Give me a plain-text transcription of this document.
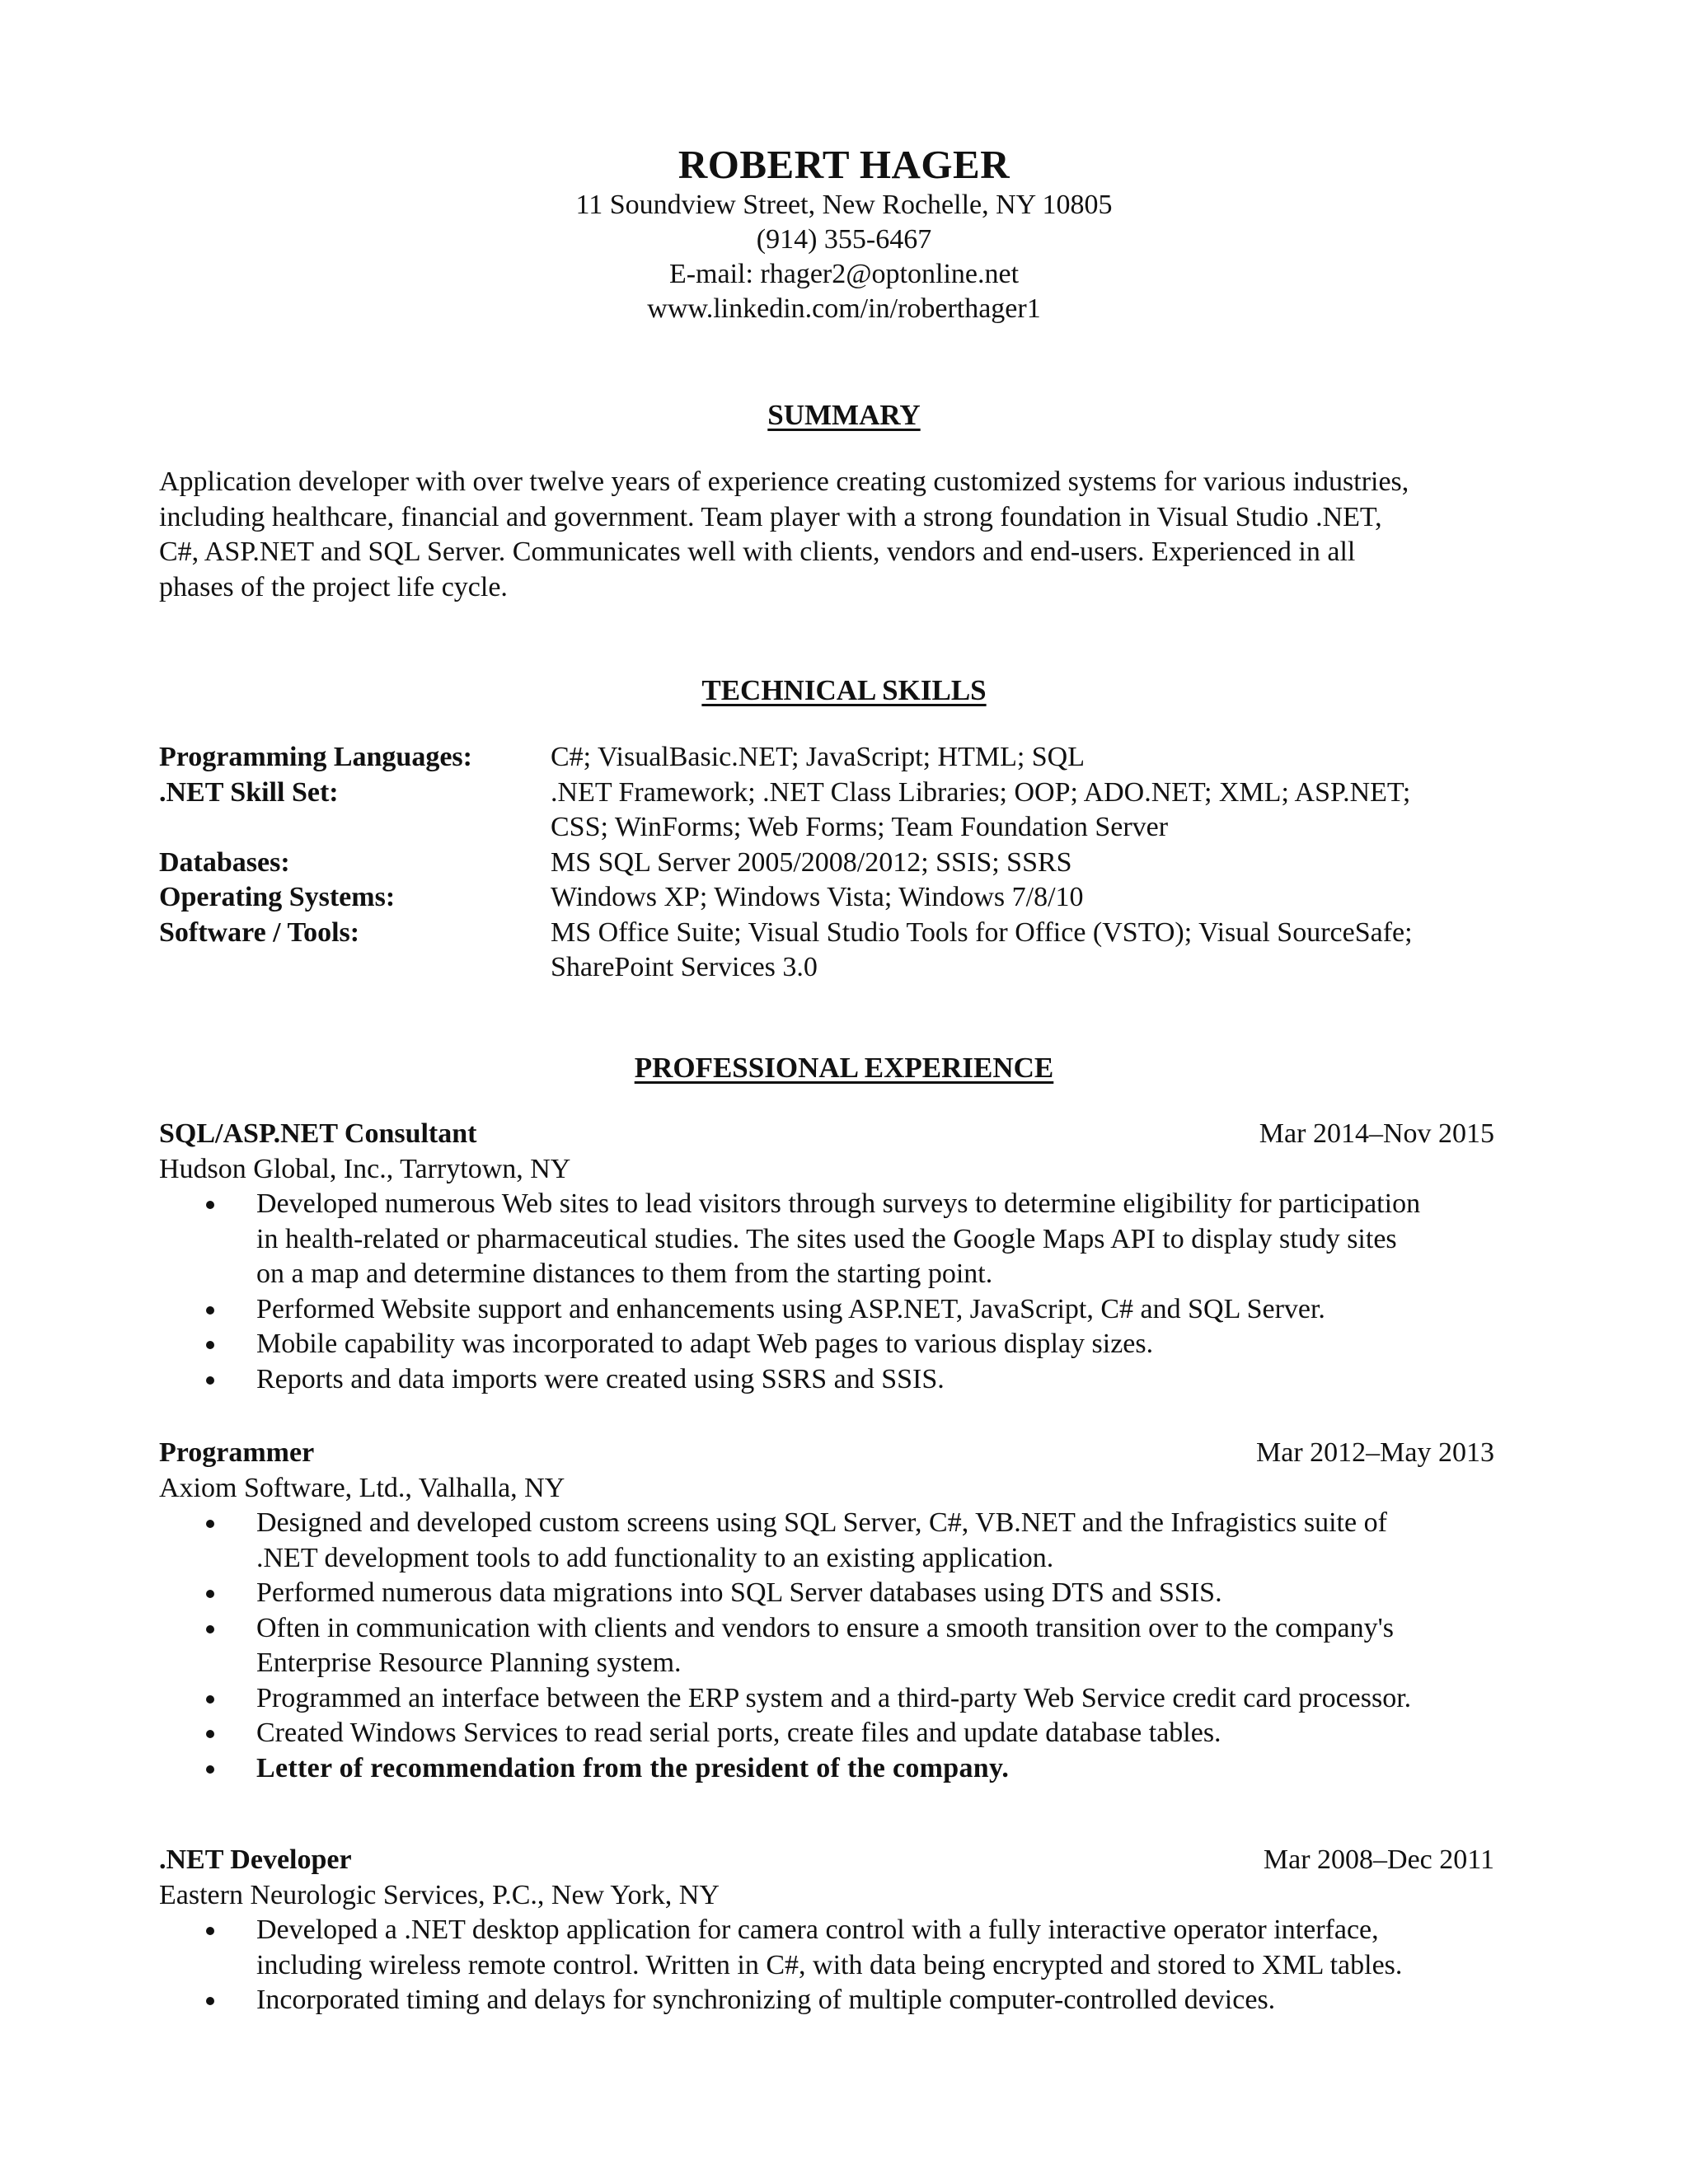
ROBERT HAGER
11 Soundview Street, New Rochelle, NY 10805
(914) 355-6467
E-mail: rhager2@optonline.net
www.linkedin.com/in/roberthager1
SUMMARY
Application developer with over twelve years of experience creating customized systems for various industries,
including healthcare, financial and government. Team player with a strong foundation in Visual Studio .NET,
C#, ASP.NET and SQL Server. Communicates well with clients, vendors and end-users. Experienced in all
phases of the project life cycle.
TECHNICAL SKILLS
Programming Languages:	C#; VisualBasic.NET; JavaScript; HTML; SQL
.NET Skill Set:	.NET Framework; .NET Class Libraries; OOP; ADO.NET; XML; ASP.NET;
CSS; WinForms; Web Forms; Team Foundation Server
Databases:	MS SQL Server 2005/2008/2012; SSIS; SSRS
Operating Systems:	Windows XP; Windows Vista; Windows 7/8/10
Software / Tools:	MS Office Suite; Visual Studio Tools for Office (VSTO); Visual SourceSafe;
SharePoint Services 3.0
PROFESSIONAL EXPERIENCE
SQL/ASP.NET Consultant	Mar 2014–Nov 2015
Hudson Global, Inc., Tarrytown, NY
Developed numerous Web sites to lead visitors through surveys to determine eligibility for participation
in health-related or pharmaceutical studies. The sites used the Google Maps API to display study sites
on a map and determine distances to them from the starting point.
Performed Website support and enhancements using ASP.NET, JavaScript, C# and SQL Server.
Mobile capability was incorporated to adapt Web pages to various display sizes.
Reports and data imports were created using SSRS and SSIS.
Programmer	Mar 2012–May 2013
Axiom Software, Ltd., Valhalla, NY
Designed and developed custom screens using SQL Server, C#, VB.NET and the Infragistics suite of
.NET development tools to add functionality to an existing application.
Performed numerous data migrations into SQL Server databases using DTS and SSIS.
Often in communication with clients and vendors to ensure a smooth transition over to the company's
Enterprise Resource Planning system.
Programmed an interface between the ERP system and a third-party Web Service credit card processor.
Created Windows Services to read serial ports, create files and update database tables.
Letter of recommendation from the president of the company.
.NET Developer	Mar 2008–Dec 2011
Eastern Neurologic Services, P.C., New York, NY
Developed a .NET desktop application for camera control with a fully interactive operator interface,
including wireless remote control. Written in C#, with data being encrypted and stored to XML tables.
Incorporated timing and delays for synchronizing of multiple computer-controlled devices.
